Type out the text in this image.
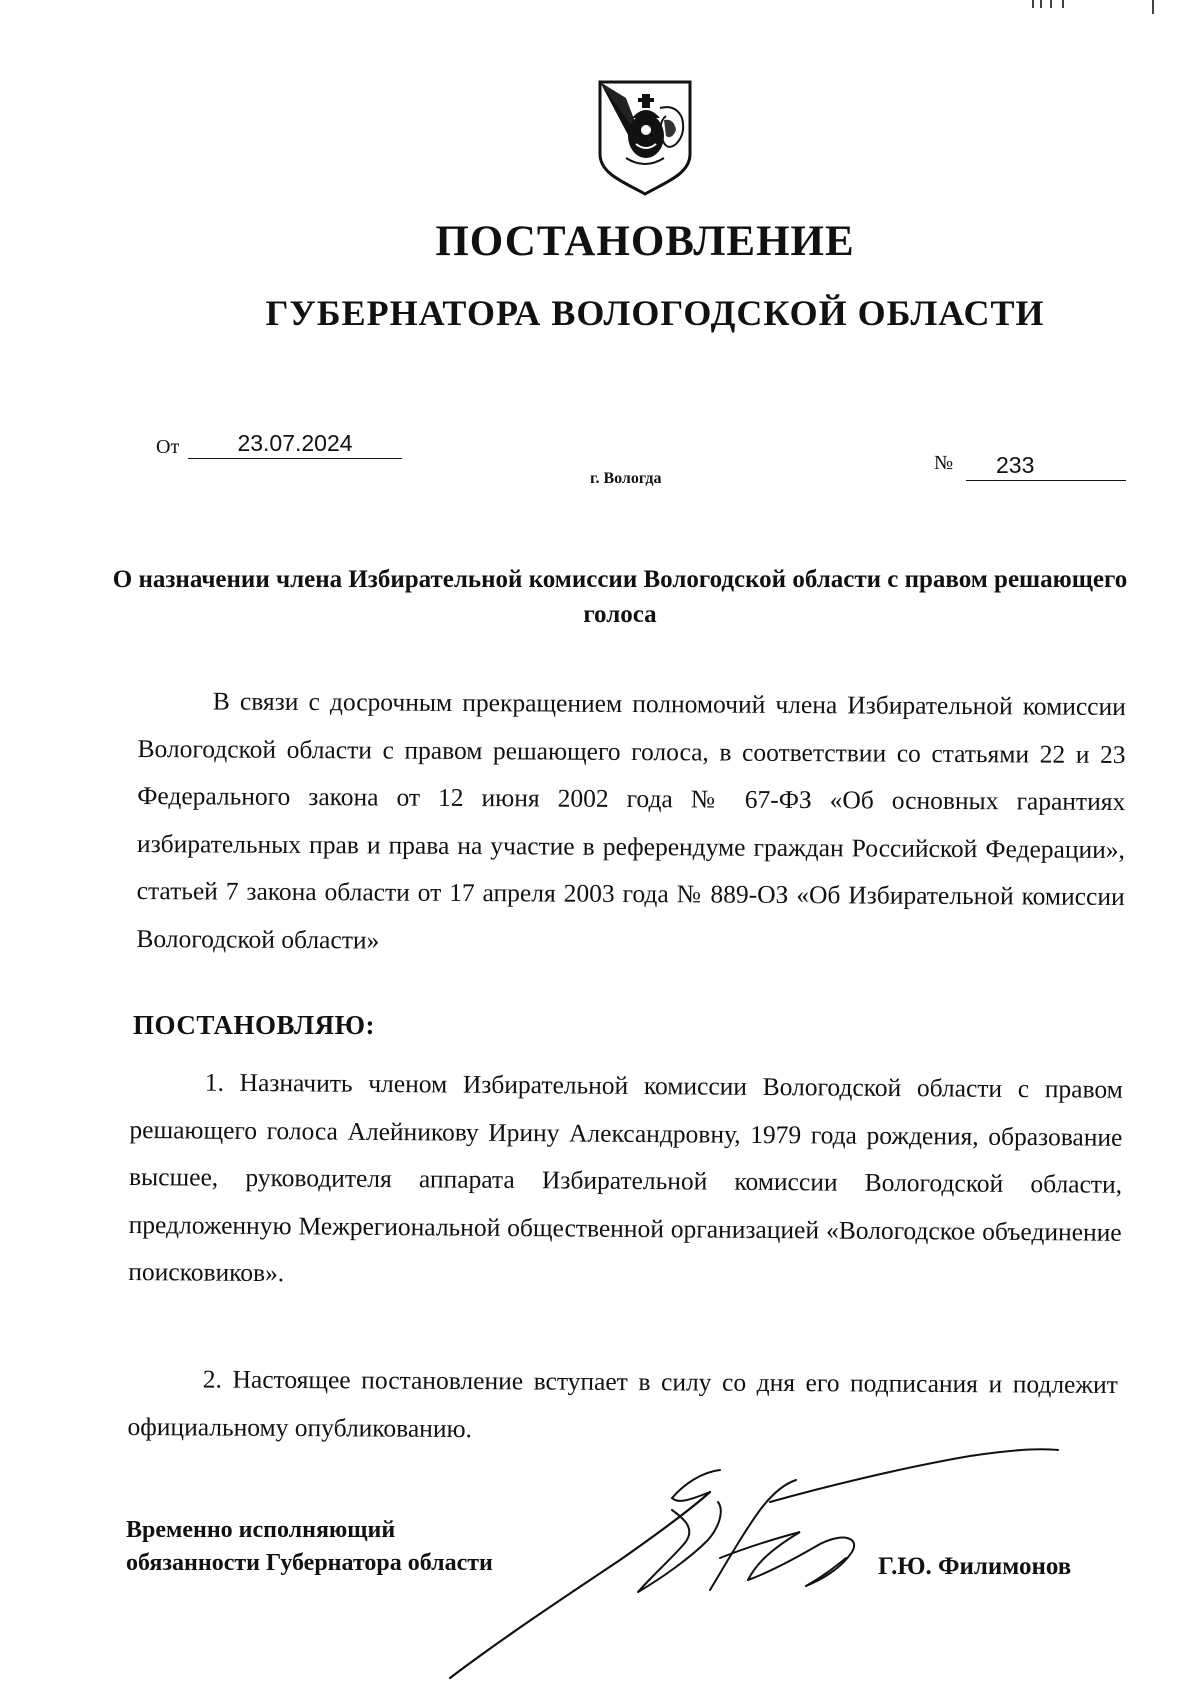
ПОСТАНОВЛЕНИЕ
ГУБЕРНАТОРА ВОЛОГОДСКОЙ ОБЛАСТИ
От	23.07.2024
г. Вологда
№	233
О назначении члена Избирательной комиссии Вологодской области с правом решающего голоса
В связи с досрочным прекращением полномочий члена Избирательной комиссии Вологодской области с правом решающего голоса, в соответствии со статьями 22 и 23 Федерального закона от 12 июня 2002 года № 67-ФЗ «Об основных гарантиях избирательных прав и права на участие в референдуме граждан Российской Федерации», статьей 7 закона области от 17 апреля 2003 года № 889-ОЗ «Об Избирательной комиссии Вологодской области»
ПОСТАНОВЛЯЮ:
1. Назначить членом Избирательной комиссии Вологодской области с правом решающего голоса Алейникову Ирину Александровну, 1979 года рождения, образование высшее, руководителя аппарата Избирательной комиссии Вологодской области, предложенную Межрегиональной общественной организацией «Вологодское объединение поисковиков».
2. Настоящее постановление вступает в силу со дня его подписания и подлежит официальному опубликованию.
Временно исполняющий
обязанности Губернатора области	Г.Ю. Филимонов
